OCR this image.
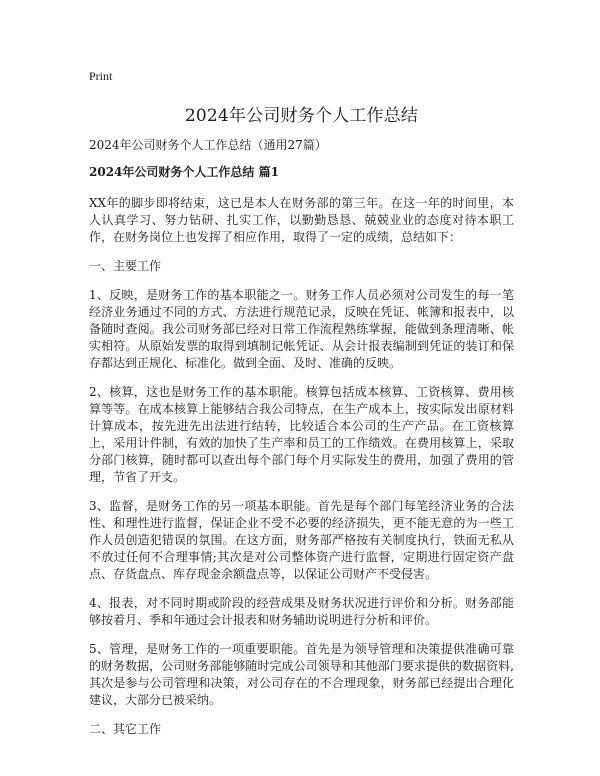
Print

2024年公司财务个人工作总结

2024年公司财务个人工作总结（通用27篇）

2024年公司财务个人工作总结 篇1

XX年的脚步即将结束，这已是本人在财务部的第三年。在这一年的时间里，本人认真学习、努力钻研、扎实工作，以勤勤恳恳、兢兢业业的态度对待本职工作，在财务岗位上也发挥了相应作用，取得了一定的成绩，总结如下：

一、主要工作

1、反映，是财务工作的基本职能之一。财务工作人员必须对公司发生的每一笔经济业务通过不同的方式、方法进行规范记录，反映在凭证、帐簿和报表中，以备随时查阅。我公司财务部已经对日常工作流程熟练掌握，能做到条理清晰、帐实相符。从原始发票的取得到填制记帐凭证、从会计报表编制到凭证的装订和保存都达到正规化、标准化。做到全面、及时、准确的反映。

2、核算，这也是财务工作的基本职能。核算包括成本核算、工资核算、费用核算等等。在成本核算上能够结合我公司特点，在生产成本上，按实际发出原材料计算成本，按先进先出法进行结转，比较适合本公司的生产产品。在工资核算上，采用计件制，有效的加快了生产率和员工的工作绩效。在费用核算上，采取分部门核算，随时都可以查出每个部门每个月实际发生的费用，加强了费用的管理，节省了开支。

3、监督，是财务工作的另一项基本职能。首先是每个部门每笔经济业务的合法性、和理性进行监督，保证企业不受不必要的经济损失，更不能无意的为一些工作人员创造犯错误的氛围。在这方面，财务部严格按有关制度执行，铁面无私从不放过任何不合理事情;其次是对公司整体资产进行监督，定期进行固定资产盘点、存货盘点、库存现金余额盘点等，以保证公司财产不受侵害。

4、报表，对不同时期或阶段的经营成果及财务状况进行评价和分析。财务部能够按着月、季和年通过会计报表和财务辅助说明进行分析和评价。

5、管理，是财务工作的一项重要职能。首先是为领导管理和决策提供准确可靠的财务数据，公司财务部能够随时完成公司领导和其他部门要求提供的数据资料,其次是参与公司管理和决策，对公司存在的不合理现象，财务部已经提出合理化建议，大部分已被采纳。

二、其它工作
